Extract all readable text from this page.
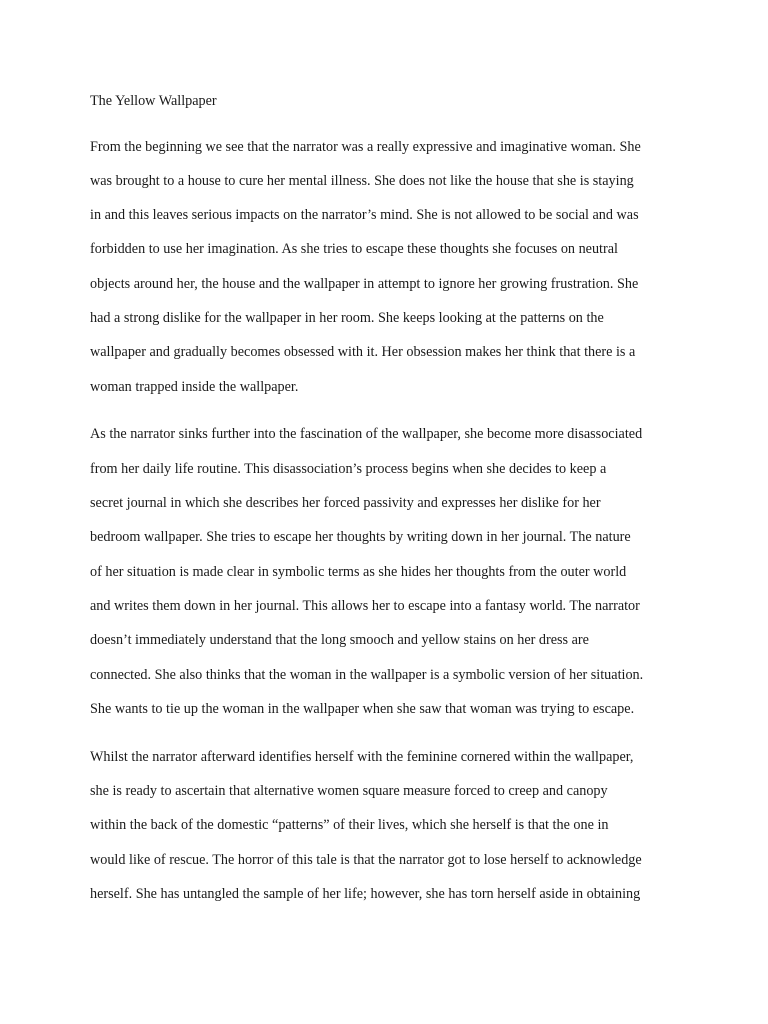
The Yellow Wallpaper
From the beginning we see that the narrator was a really expressive and imaginative woman. She
was brought to a house to cure her mental illness. She does not like the house that she is staying
in and this leaves serious impacts on the narrator’s mind. She is not allowed to be social and was
forbidden to use her imagination. As she tries to escape these thoughts she focuses on neutral
objects around her, the house and the wallpaper in attempt to ignore her growing frustration. She
had a strong dislike for the wallpaper in her room. She keeps looking at the patterns on the
wallpaper and gradually becomes obsessed with it. Her obsession makes her think that there is a
woman trapped inside the wallpaper.
As the narrator sinks further into the fascination of the wallpaper, she become more disassociated
from her daily life routine. This disassociation’s process begins when she decides to keep a
secret journal in which she describes her forced passivity and expresses her dislike for her
bedroom wallpaper. She tries to escape her thoughts by writing down in her journal. The nature
of her situation is made clear in symbolic terms as she hides her thoughts from the outer world
and writes them down in her journal. This allows her to escape into a fantasy world. The narrator
doesn’t immediately understand that the long smooch and yellow stains on her dress are
connected. She also thinks that the woman in the wallpaper is a symbolic version of her situation.
She wants to tie up the woman in the wallpaper when she saw that woman was trying to escape.
Whilst the narrator afterward identifies herself with the feminine cornered within the wallpaper,
she is ready to ascertain that alternative women square measure forced to creep and canopy
within the back of the domestic “patterns” of their lives, which she herself is that the one in
would like of rescue. The horror of this tale is that the narrator got to lose herself to acknowledge
herself. She has untangled the sample of her life; however, she has torn herself aside in obtaining
